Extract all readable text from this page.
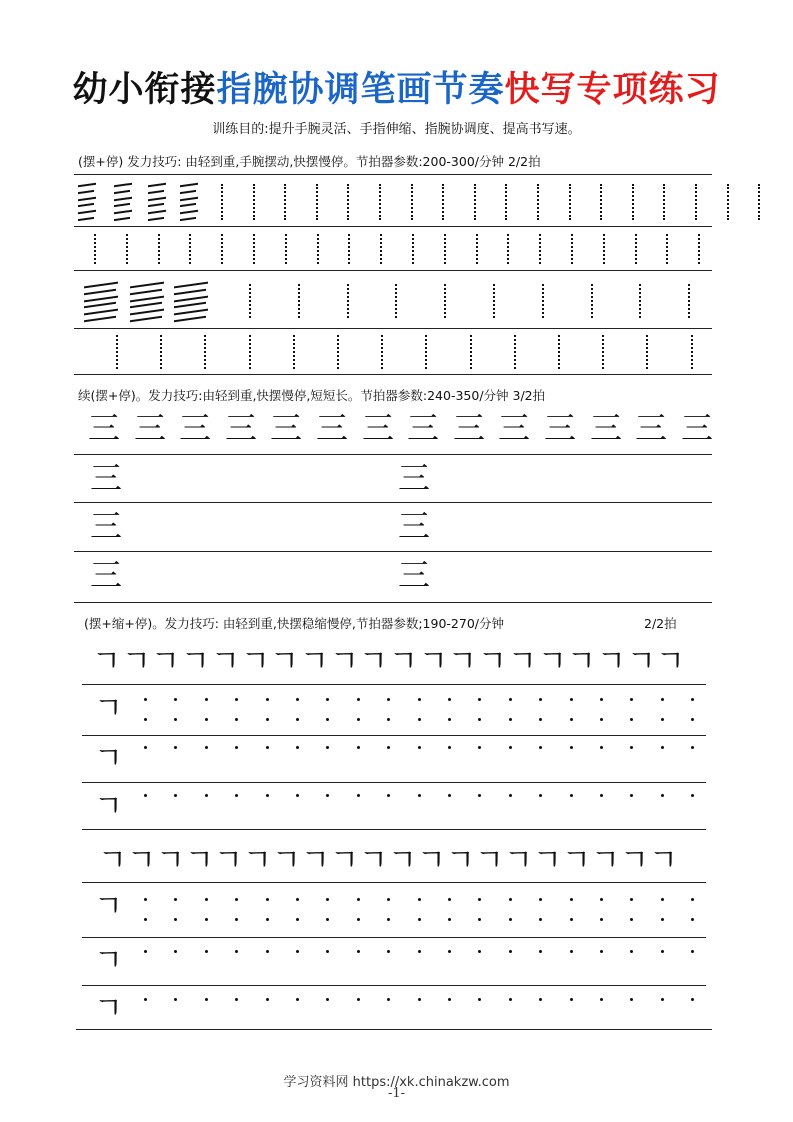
幼小衔接指腕协调笔画节奏快写专项练习
训练目的:提升手腕灵活、手指伸缩、指腕协调度、提高书写速。
(摆+停) 发力技巧: 由轻到重,手腕摆动,快摆慢停。节拍器参数:200-300/分钟 2/2拍
续(摆+停)。发力技巧:由轻到重,快摆慢停,短短长。节拍器参数:240-350/分钟 3/2拍
三 三 三 三 三 三 三 三 三 三 三 三 三 三
三	三
三	三
三	三
(摆+缩+停)。发力技巧: 由轻到重,快摆稳缩慢停,节拍器参数;190-270/分钟	2/2拍
ㄱ ㄱ ㄱ ㄱ ㄱ ㄱ ㄱ ㄱ ㄱ ㄱ ㄱ ㄱ ㄱ ㄱ ㄱ ㄱ ㄱ ㄱ ㄱ ㄱ
ㄱ
ㄱ
ㄱ
ㄱ ㄱ ㄱ ㄱ ㄱ ㄱ ㄱ ㄱ ㄱ ㄱ ㄱ ㄱ ㄱ ㄱ ㄱ ㄱ ㄱ ㄱ ㄱ ㄱ
ㄱ
ㄱ
ㄱ
学习资料网 https://xk.chinakzw.com
-1-
